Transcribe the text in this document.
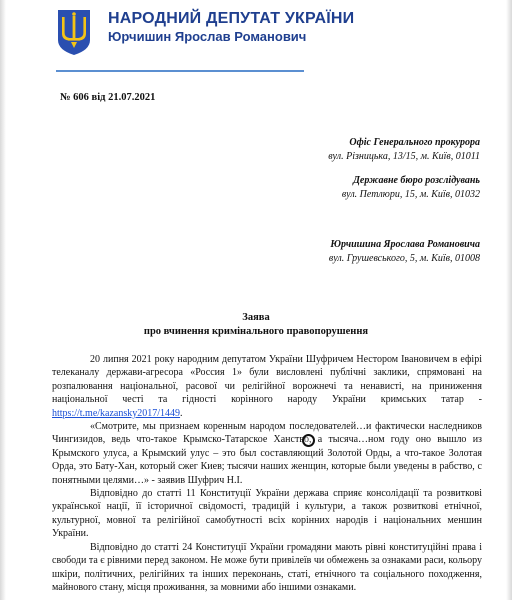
НАРОДНИЙ ДЕПУТАТ УКРАЇНИ
Юрчишин Ярослав Романович
№ 606 від 21.07.2021
Офіс Генерального прокурора
вул. Різницька, 13/15, м. Київ, 01011
Державне бюро розслідувань
вул. Петлюри, 15, м. Київ, 01032
Юрчишина Ярослава Романовича
вул. Грушевського, 5, м. Київ, 01008
Заява
про вчинення кримінального правопорушення

20 липня 2021 року народним депутатом України Шуфричем Нестором Івановичем в ефірі телеканалу держави-агресора «Россия 1» були висловлені публічні заклики, спрямовані на розпалювання національної, расової чи релігійної ворожнечі та ненависті, на приниження національної честі та гідності корінного народу України кримських татар - https://t.me/kazansky2017/1449.

«Смотрите, мы признаем коренным народом последователей…и фактически наследников Чингизидов, ведь что-такое Крымско-Татарское Ханство, а тысяча…ном году оно вышло из Крымского улуса, а Крымский улус – это был составляющий Золотой Орды, а что-такое Золотая Орда, это Бату-Хан, который сжег Киев; тысячи наших женщин, которые были уведены в рабство, с понятными целями…» - заявив Шуфрич Н.І.

Відповідно до статті 11 Конституції України держава сприяє консолідації та розвиткові української нації, її історичної свідомості, традицій і культури, а також розвиткові етнічної, культурної, мовної та релігійної самобутності всіх корінних народів і національних меншин України.

Відповідно до статті 24 Конституції України громадяни мають рівні конституційні права і свободи та є рівними перед законом. Не може бути привілеїв чи обмежень за ознаками раси, кольору шкіри, політичних, релігійних та інших переконань, статі, етнічного та соціального походження, майнового стану, місця проживання, за мовними або іншими ознаками.
